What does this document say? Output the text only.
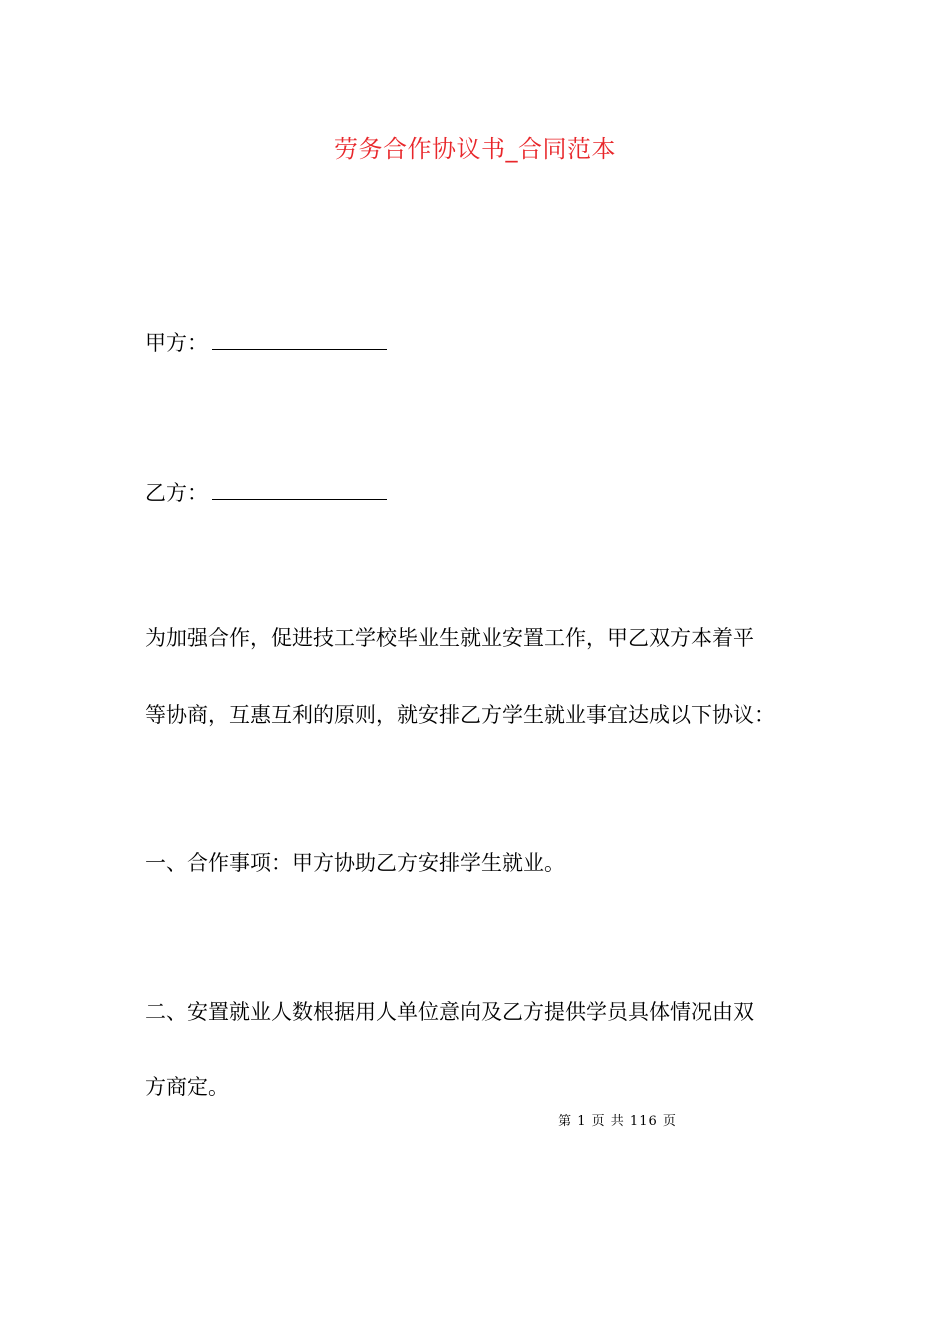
劳务合作协议书_合同范本
甲方：
乙方：
为加强合作，促进技工学校毕业生就业安置工作，甲乙双方本着平
等协商，互惠互利的原则，就安排乙方学生就业事宜达成以下协议：
一、合作事项：甲方协助乙方安排学生就业。
二、安置就业人数根据用人单位意向及乙方提供学员具体情况由双
方商定。
第 1 页 共 116 页
